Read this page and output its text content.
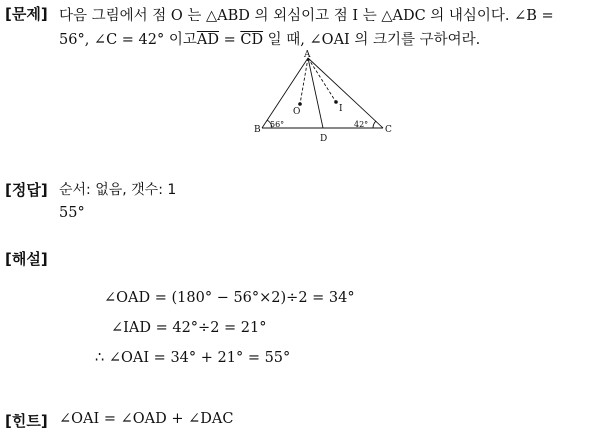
[문제] 다음 그림에서 점 O 는 △ABD 의 외심이고 점 I 는 △ADC 의 내심이다. ∠B =
56°, ∠C = 42° 이고$\overline{AD} = \overline{CD}$ 일 때, ∠OAI 의 크기를 구하여라.
A
B	C
D
O	I
56°	42°
[정답] 순서: 없음, 갯수: 1
55°
[해설]
∠OAD = (180° − 56°×2)÷2 = 34°
∠IAD = 42°÷2 = 21°
∴ ∠OAI = 34° + 21° = 55°
[힌트] ∠OAI = ∠OAD + ∠DAC
